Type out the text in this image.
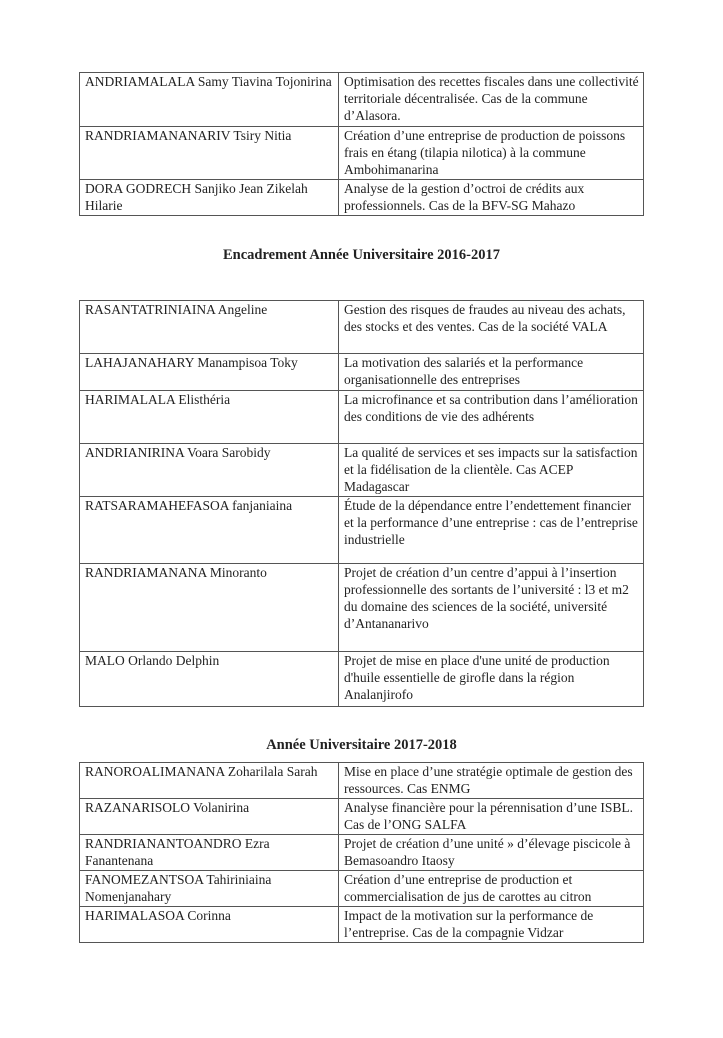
ANDRIAMALALA Samy Tiavina Tojonirina	Optimisation des recettes fiscales dans une collectivité territoriale décentralisée. Cas de la commune d’Alasora.
RANDRIAMANANARIV Tsiry Nitia	Création d’une entreprise de production de poissons frais en étang (tilapia nilotica) à la commune Ambohimanarina
DORA GODRECH Sanjiko Jean Zikelah Hilarie	Analyse de la gestion d’octroi de crédits aux professionnels. Cas de la BFV-SG Mahazo
Encadrement Année Universitaire 2016-2017
RASANTATRINIAINA Angeline	Gestion des risques de fraudes au niveau des achats, des stocks et des ventes. Cas de la société VALA
LAHAJANAHARY Manampisoa Toky	La motivation des salariés et la performance organisationnelle des entreprises
HARIMALALA Elisthéria	La microfinance et sa contribution dans l’amélioration des conditions de vie des adhérents
ANDRIANIRINA Voara Sarobidy	La qualité de services et ses impacts sur la satisfaction et la fidélisation de la clientèle. Cas ACEP Madagascar
RATSARAMAHEFASOA fanjaniaina	Étude de la dépendance entre l’endettement financier et la performance d’une entreprise : cas de l’entreprise industrielle
RANDRIAMANANA Minoranto	Projet de création d’un centre d’appui à l’insertion professionnelle des sortants de l’université : l3 et m2 du domaine des sciences de la société, université d’Antananarivo
MALO Orlando Delphin	Projet de mise en place d'une unité de production d'huile essentielle de girofle dans la région Analanjirofo
Année Universitaire 2017-2018
RANOROALIMANANA Zoharilala Sarah	Mise en place d’une stratégie optimale de gestion des ressources. Cas ENMG
RAZANARISOLO Volanirina	Analyse financière pour la pérennisation d’une ISBL. Cas de l’ONG SALFA
RANDRIANANTOANDRO Ezra Fanantenana	Projet de création d’une unité » d’élevage piscicole à Bemasoandro Itaosy
FANOMEZANTSOA Tahiriniaina Nomenjanahary	Création d’une entreprise de production et commercialisation de jus de carottes au citron
HARIMALASOA Corinna	Impact de la motivation sur la performance de l’entreprise. Cas de la compagnie Vidzar
